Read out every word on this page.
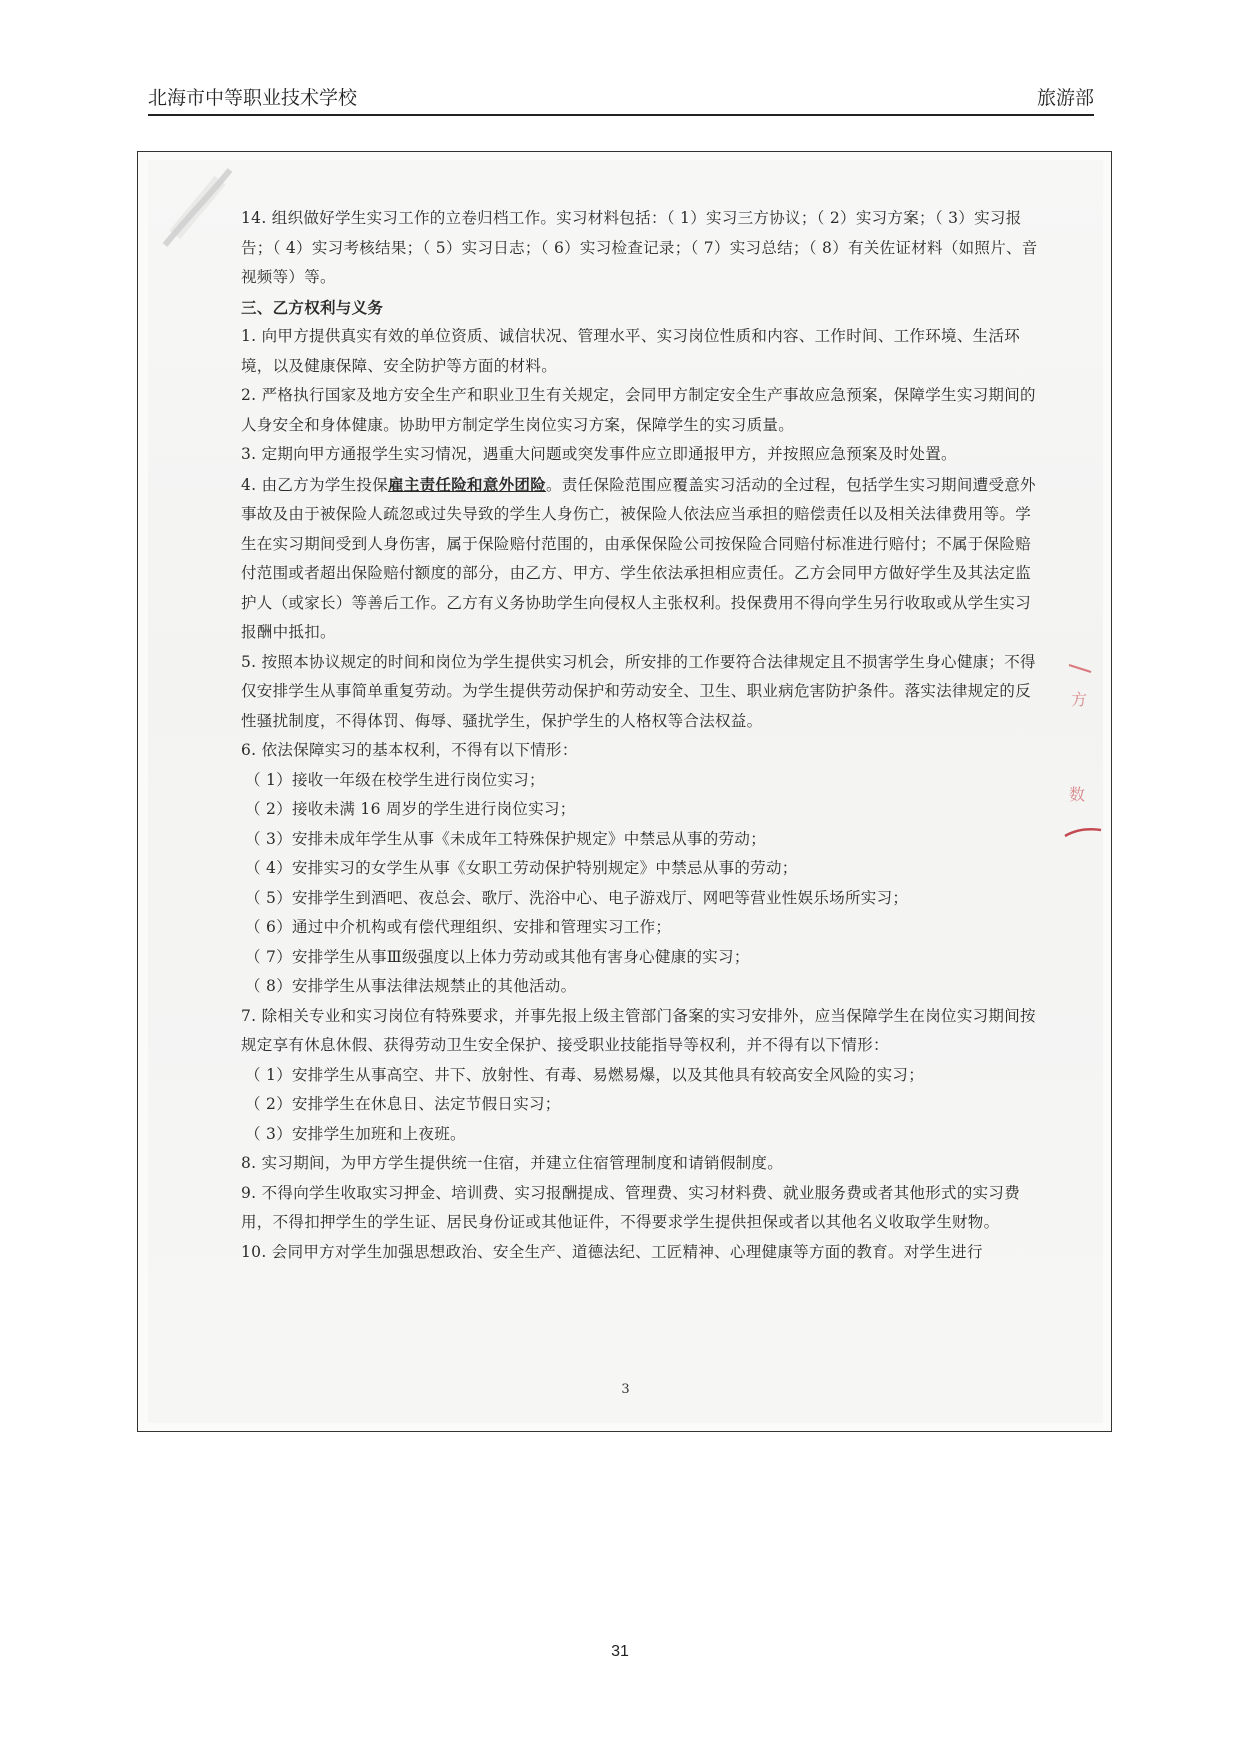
北海市中等职业技术学校	旅游部
方
数

14. 组织做好学生实习工作的立卷归档工作。实习材料包括：（ 1）实习三方协议；（ 2）实习方案；（ 3）实习报告；（ 4）实习考核结果；（ 5）实习日志；（ 6）实习检查记录；（ 7）实习总结；（ 8）有关佐证材料（如照片、音视频等）等。

三、乙方权利与义务

1. 向甲方提供真实有效的单位资质、诚信状况、管理水平、实习岗位性质和内容、工作时间、工作环境、生活环境，以及健康保障、安全防护等方面的材料。

2. 严格执行国家及地方安全生产和职业卫生有关规定，会同甲方制定安全生产事故应急预案，保障学生实习期间的人身安全和身体健康。协助甲方制定学生岗位实习方案，保障学生的实习质量。

3. 定期向甲方通报学生实习情况，遇重大问题或突发事件应立即通报甲方，并按照应急预案及时处置。

4. 由乙方为学生投保雇主责任险和意外团险。责任保险范围应覆盖实习活动的全过程，包括学生实习期间遭受意外事故及由于被保险人疏忽或过失导致的学生人身伤亡，被保险人依法应当承担的赔偿责任以及相关法律费用等。学生在实习期间受到人身伤害，属于保险赔付范围的，由承保保险公司按保险合同赔付标准进行赔付；不属于保险赔付范围或者超出保险赔付额度的部分，由乙方、甲方、学生依法承担相应责任。乙方会同甲方做好学生及其法定监护人（或家长）等善后工作。乙方有义务协助学生向侵权人主张权利。投保费用不得向学生另行收取或从学生实习报酬中抵扣。

5. 按照本协议规定的时间和岗位为学生提供实习机会，所安排的工作要符合法律规定且不损害学生身心健康；不得仅安排学生从事简单重复劳动。为学生提供劳动保护和劳动安全、卫生、职业病危害防护条件。落实法律规定的反性骚扰制度，不得体罚、侮辱、骚扰学生，保护学生的人格权等合法权益。

6. 依法保障实习的基本权利，不得有以下情形：

（ 1）接收一年级在校学生进行岗位实习；

（ 2）接收未满 16 周岁的学生进行岗位实习；

（ 3）安排未成年学生从事《未成年工特殊保护规定》中禁忌从事的劳动；

（ 4）安排实习的女学生从事《女职工劳动保护特别规定》中禁忌从事的劳动；

（ 5）安排学生到酒吧、夜总会、歌厅、洗浴中心、电子游戏厅、网吧等营业性娱乐场所实习；

（ 6）通过中介机构或有偿代理组织、安排和管理实习工作；

（ 7）安排学生从事Ⅲ级强度以上体力劳动或其他有害身心健康的实习；

（ 8）安排学生从事法律法规禁止的其他活动。

7. 除相关专业和实习岗位有特殊要求，并事先报上级主管部门备案的实习安排外，应当保障学生在岗位实习期间按规定享有休息休假、获得劳动卫生安全保护、接受职业技能指导等权利，并不得有以下情形：

（ 1）安排学生从事高空、井下、放射性、有毒、易燃易爆，以及其他具有较高安全风险的实习；

（ 2）安排学生在休息日、法定节假日实习；

（ 3）安排学生加班和上夜班。

8. 实习期间，为甲方学生提供统一住宿，并建立住宿管理制度和请销假制度。

9. 不得向学生收取实习押金、培训费、实习报酬提成、管理费、实习材料费、就业服务费或者其他形式的实习费用，不得扣押学生的学生证、居民身份证或其他证件，不得要求学生提供担保或者以其他名义收取学生财物。

10. 会同甲方对学生加强思想政治、安全生产、道德法纪、工匠精神、心理健康等方面的教育。对学生进行

3
31
